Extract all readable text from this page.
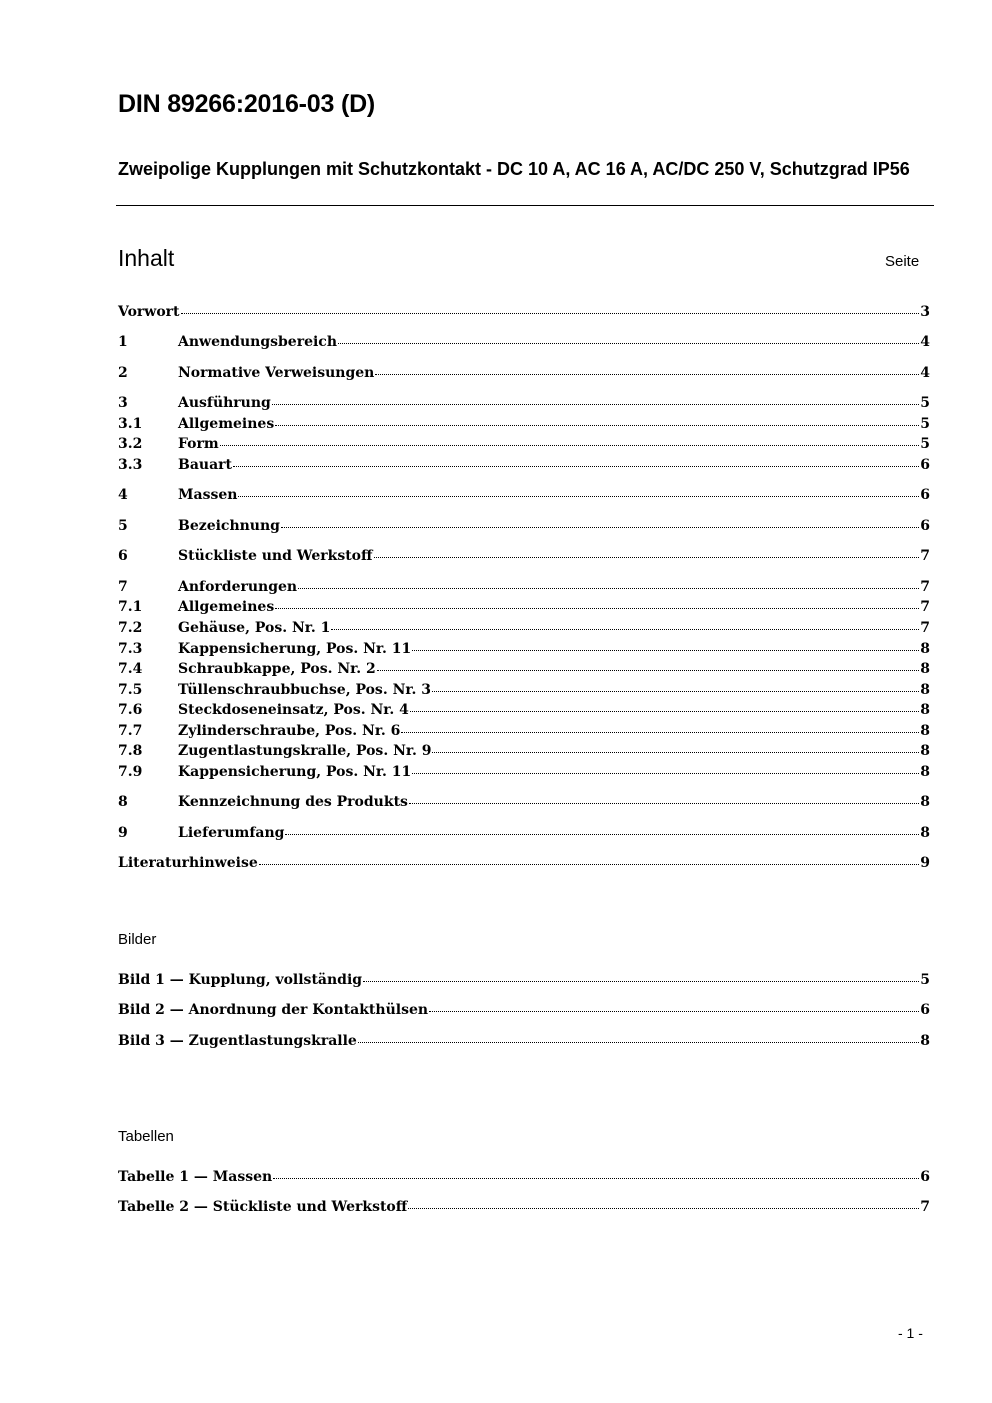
DIN 89266:2016-03 (D)
Zweipolige Kupplungen mit Schutzkontakt - DC 10 A, AC 16 A, AC/DC 250 V, Schutzgrad IP56
Inhalt	Seite
Vorwort	3
1	Anwendungsbereich	4
2	Normative Verweisungen	4
3	Ausführung	5
3.1	Allgemeines	5
3.2	Form	5
3.3	Bauart	6
4	Massen	6
5	Bezeichnung	6
6	Stückliste und Werkstoff	7
7	Anforderungen	7
7.1	Allgemeines	7
7.2	Gehäuse, Pos. Nr. 1	7
7.3	Kappensicherung, Pos. Nr. 11	8
7.4	Schraubkappe, Pos. Nr. 2	8
7.5	Tüllenschraubbuchse, Pos. Nr. 3	8
7.6	Steckdoseneinsatz, Pos. Nr. 4	8
7.7	Zylinderschraube, Pos. Nr. 6	8
7.8	Zugentlastungskralle, Pos. Nr. 9	8
7.9	Kappensicherung, Pos. Nr. 11	8
8	Kennzeichnung des Produkts	8
9	Lieferumfang	8
Literaturhinweise	9
Bilder
Bild 1 — Kupplung, vollständig	5
Bild 2 — Anordnung der Kontakthülsen	6
Bild 3 — Zugentlastungskralle	8
Tabellen
Tabelle 1 — Massen	6
Tabelle 2 — Stückliste und Werkstoff	7
- 1 -
